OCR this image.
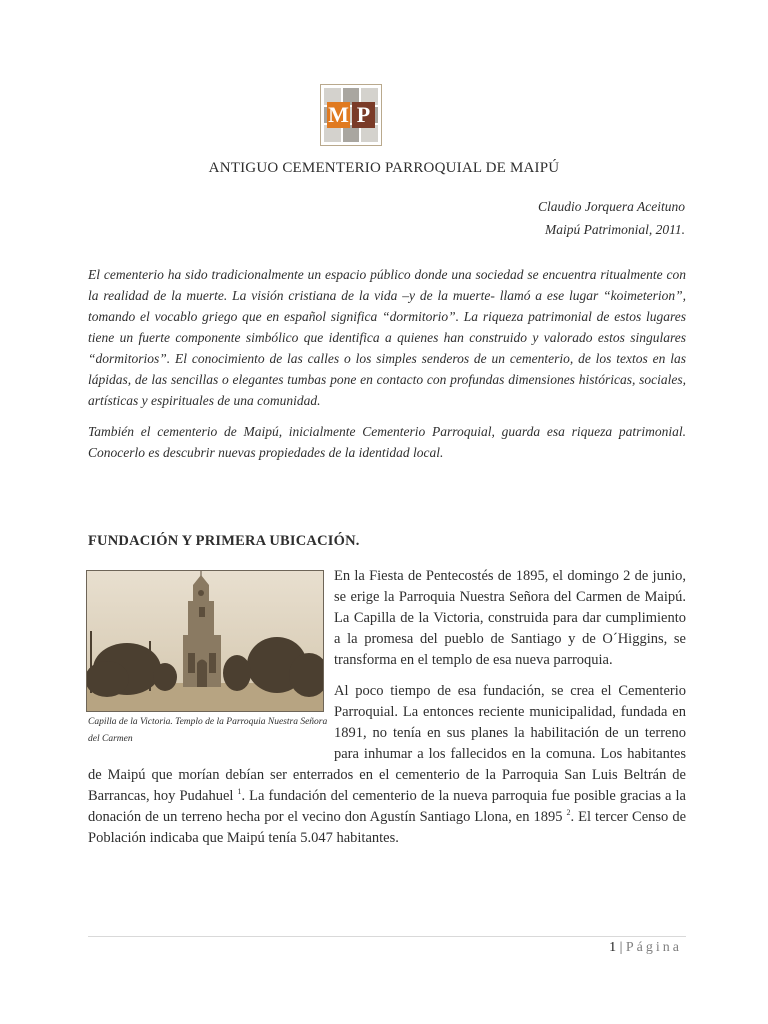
M P
ANTIGUO CEMENTERIO PARROQUIAL DE MAIPÚ
Claudio Jorquera Aceituno
Maipú Patrimonial, 2011.

El cementerio ha sido tradicionalmente un espacio público donde una sociedad se encuentra ritualmente con la realidad de la muerte. La visión cristiana de la vida –y de la muerte- llamó a ese lugar “koimeterion”, tomando el vocablo griego que en español significa “dormitorio”. La riqueza patrimonial de estos lugares tiene un fuerte componente simbólico que identifica a quienes han construido y valorado estos singulares “dormitorios”. El conocimiento de las calles o los simples senderos de un cementerio, de los textos en las lápidas, de las sencillas o elegantes tumbas pone en contacto con profundas dimensiones históricas, sociales, artísticas y espirituales de una comunidad.

También el cementerio de Maipú, inicialmente Cementerio Parroquial, guarda esa riqueza patrimonial. Conocerlo es descubrir nuevas propiedades de la identidad local.

FUNDACIÓN Y PRIMERA UBICACIÓN.
Capilla de la Victoria. Templo de la Parroquia Nuestra Señora del Carmen

En la Fiesta de Pentecostés de 1895, el domingo 2 de junio, se erige la Parroquia Nuestra Señora del Carmen de Maipú. La Capilla de la Victoria, construida para dar cumplimiento a la promesa del pueblo de Santiago y de O´Higgins, se transforma en el templo de esa nueva parroquia.

Al poco tiempo de esa fundación, se crea el Cementerio Parroquial. La entonces reciente municipalidad, fundada en 1891, no tenía en sus planes la habilitación de un terreno para inhumar a los fallecidos en la comuna. Los habitantes de Maipú que morían debían ser enterrados en el cementerio de la Parroquia San Luis Beltrán de Barrancas, hoy Pudahuel $^1$. La fundación del cementerio de la nueva parroquia fue posible gracias a la donación de un terreno hecha por el vecino don Agustín Santiago Llona, en 1895 $^2$. El tercer Censo de Población indicaba que Maipú tenía 5.047 habitantes.

1 | Página
